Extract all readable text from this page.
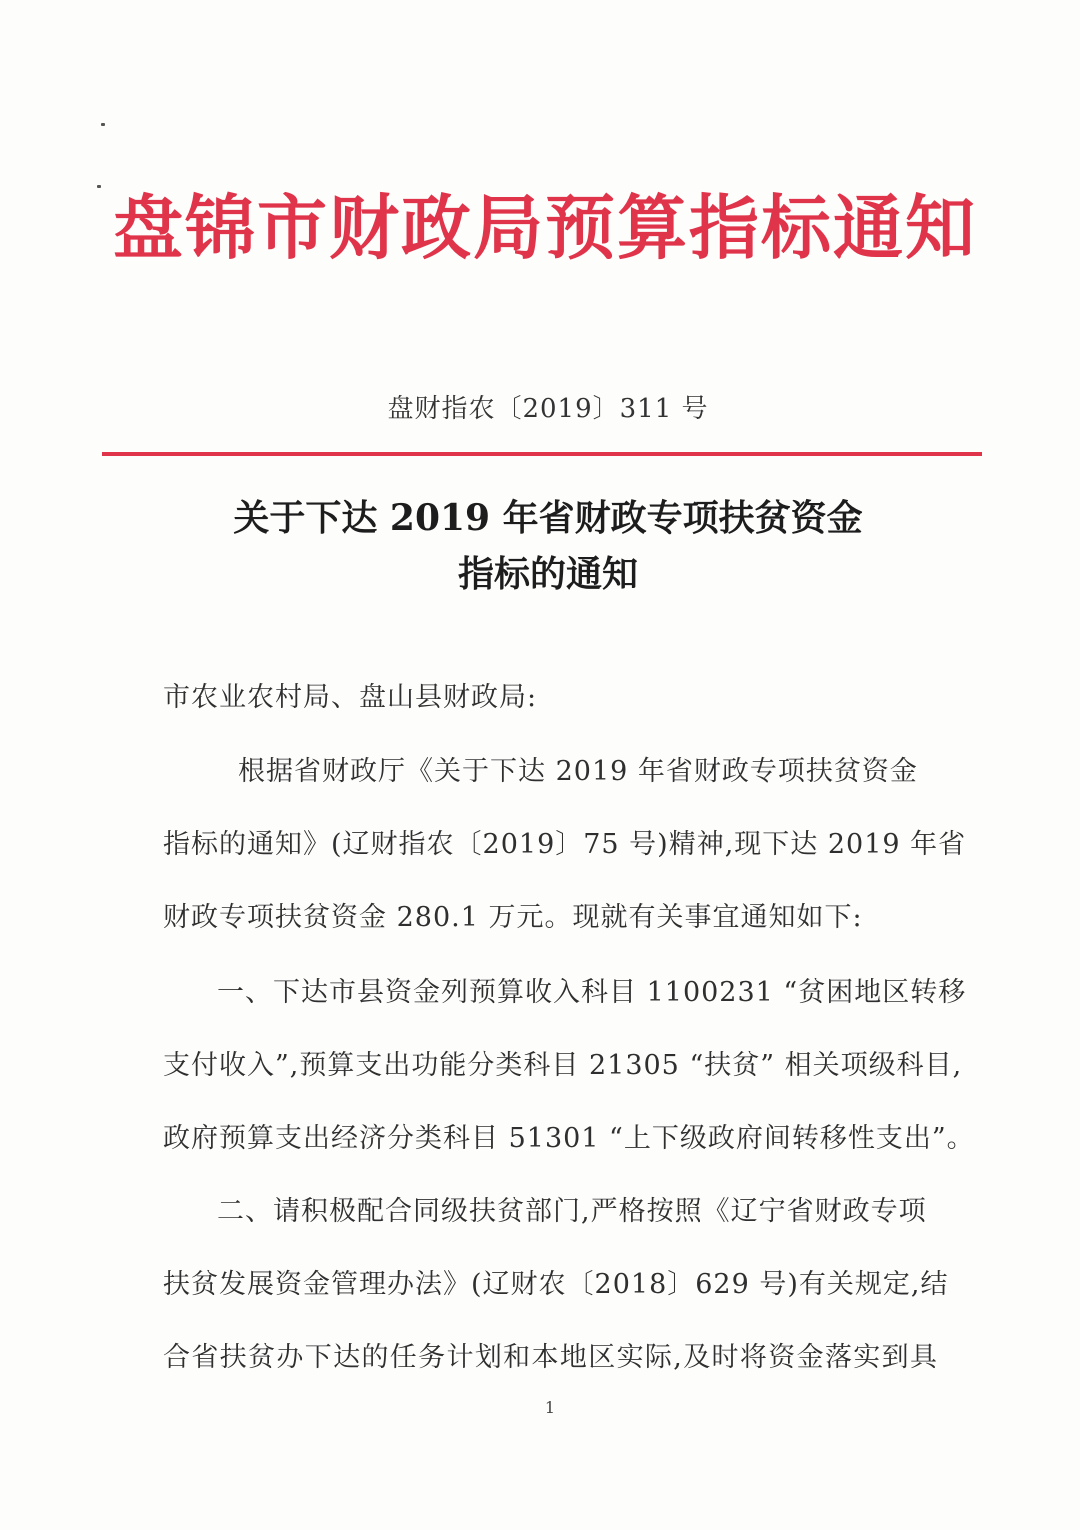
盘锦市财政局预算指标通知
盘财指农〔2019〕311 号
关于下达 2019 年省财政专项扶贫资金
指标的通知
市农业农村局、盘山县财政局:
根据省财政厅《关于下达 2019 年省财政专项扶贫资金
指标的通知》(辽财指农〔2019〕75 号)精神,现下达 2019 年省
财政专项扶贫资金 280.1 万元。现就有关事宜通知如下:
一、下达市县资金列预算收入科目 1100231 “贫困地区转移
支付收入”,预算支出功能分类科目 21305 “扶贫” 相关项级科目,
政府预算支出经济分类科目 51301 “上下级政府间转移性支出”。
二、请积极配合同级扶贫部门,严格按照《辽宁省财政专项
扶贫发展资金管理办法》(辽财农〔2018〕629 号)有关规定,结
合省扶贫办下达的任务计划和本地区实际,及时将资金落实到具
1
